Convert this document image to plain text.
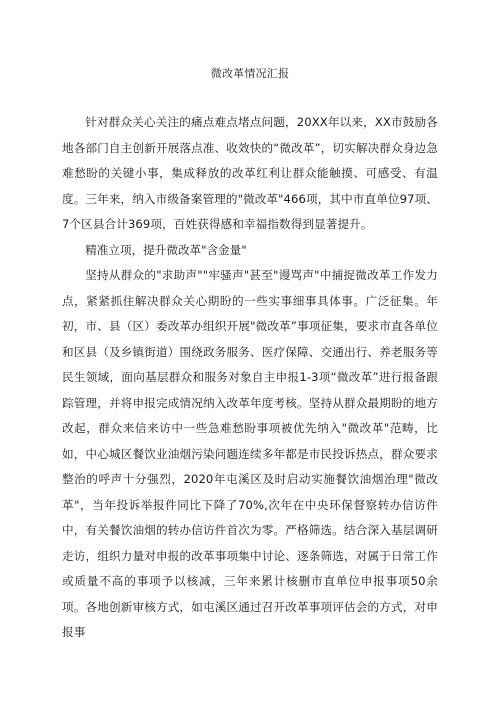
微改革情况汇报

针对群众关心关注的痛点难点堵点问题，20XX年以来，XX市鼓励各地各部门自主创新开展落点准、收效快的“微改革”，切实解决群众身边急难愁盼的关键小事，集成释放的改革红利让群众能触摸、可感受、有温度。三年来，纳入市级备案管理的"微改革"466项，其中市直单位97项、7个区县合计369项，百姓获得感和幸福指数得到显著提升。

精准立项，提升微改革"含金量"

坚持从群众的"求助声""牢骚声"甚至"谩骂声"中捕捉微改革工作发力点，紧紧抓住解决群众关心期盼的一些实事细事具体事。广泛征集。年初，市、县（区）委改革办组织开展"微改革”事项征集，要求市直各单位和区县（及乡镇街道）围绕政务服务、医疗保障、交通出行、养老服务等民生领域，面向基层群众和服务对象自主申报1-3项“微改革”进行报备跟踪管理，并将申报完成情况纳入改革年度考核。坚持从群众最期盼的地方改起，群众来信来访中一些急难愁盼事项被优先纳入"微改革"范畴，比如，中心城区餐饮业油烟污染问题连续多年都是市民投诉热点，群众要求整治的呼声十分强烈，2020年屯溪区及时启动实施餐饮油烟治理"微改革"，当年投诉举报件同比下降了70%,次年在中央环保督察转办信访件中，有关餐饮油烟的转办信访件首次为零。严格筛选。结合深入基层调研走访，组织力量对申报的改革事项集中讨论、逐条筛选，对属于日常工作或质量不高的事项予以核减，三年来累计核删市直单位申报事项50余项。各地创新审核方式，如屯溪区通过召开改革事项评估会的方式，对申报事
